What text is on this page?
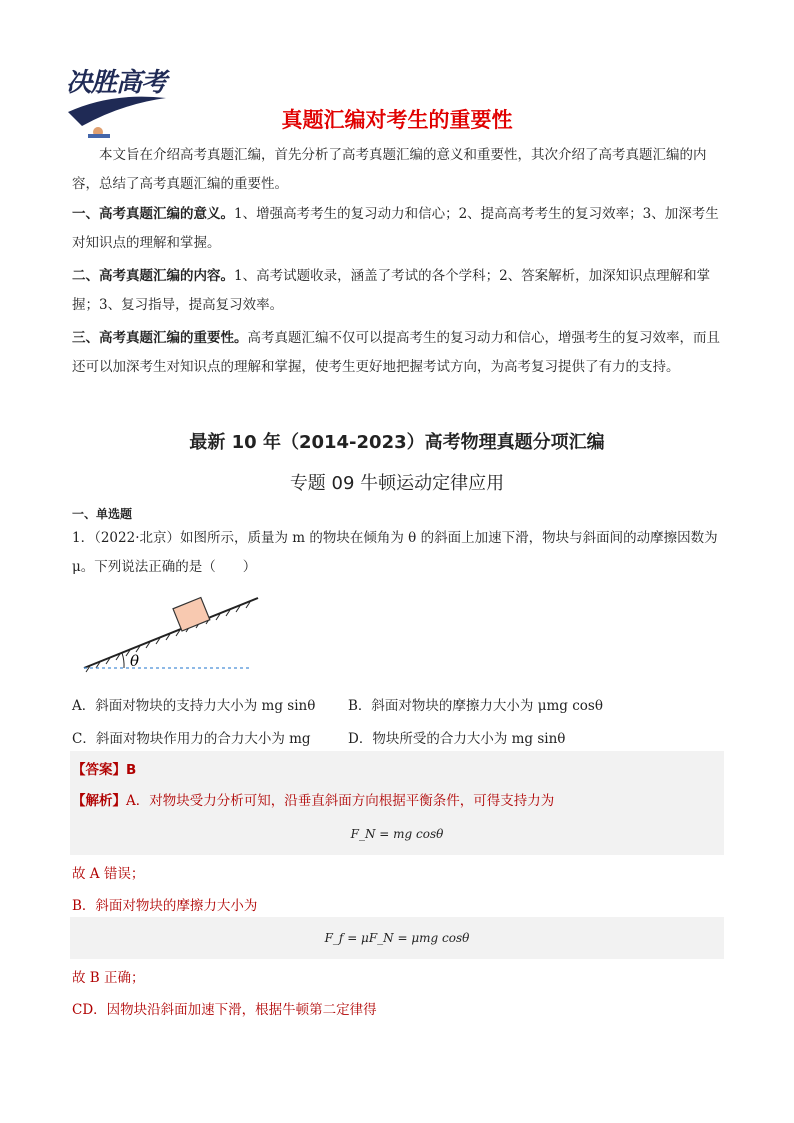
决胜高考
真题汇编对考生的重要性
本文旨在介绍高考真题汇编，首先分析了高考真题汇编的意义和重要性，其次介绍了高考真题汇编的内容，总结了高考真题汇编的重要性。
一、高考真题汇编的意义。1、增强高考考生的复习动力和信心；2、提高高考考生的复习效率；3、加深考生对知识点的理解和掌握。
二、高考真题汇编的内容。1、高考试题收录，涵盖了考试的各个学科；2、答案解析，加深知识点理解和掌握；3、复习指导，提高复习效率。
三、高考真题汇编的重要性。高考真题汇编不仅可以提高考生的复习动力和信心，增强考生的复习效率，而且还可以加深考生对知识点的理解和掌握，使考生更好地把握考试方向，为高考复习提供了有力的支持。
最新 10 年（2014-2023）高考物理真题分项汇编
专题 09 牛顿运动定律应用
一、单选题
1．（2022·北京）如图所示，质量为 m 的物块在倾角为 θ 的斜面上加速下滑，物块与斜面间的动摩擦因数为 μ。下列说法正确的是（　　）
θ
A．斜面对物块的支持力大小为 mg sinθ B．斜面对物块的摩擦力大小为 μmg cosθ
C．斜面对物块作用力的合力大小为 mg	D．物块所受的合力大小为 mg sinθ
【答案】B
【解析】A．对物块受力分析可知，沿垂直斜面方向根据平衡条件，可得支持力为
F_N = mg cosθ
故 A 错误；
B．斜面对物块的摩擦力大小为
F_f = μF_N = μmg cosθ
故 B 正确；
CD．因物块沿斜面加速下滑，根据牛顿第二定律得
